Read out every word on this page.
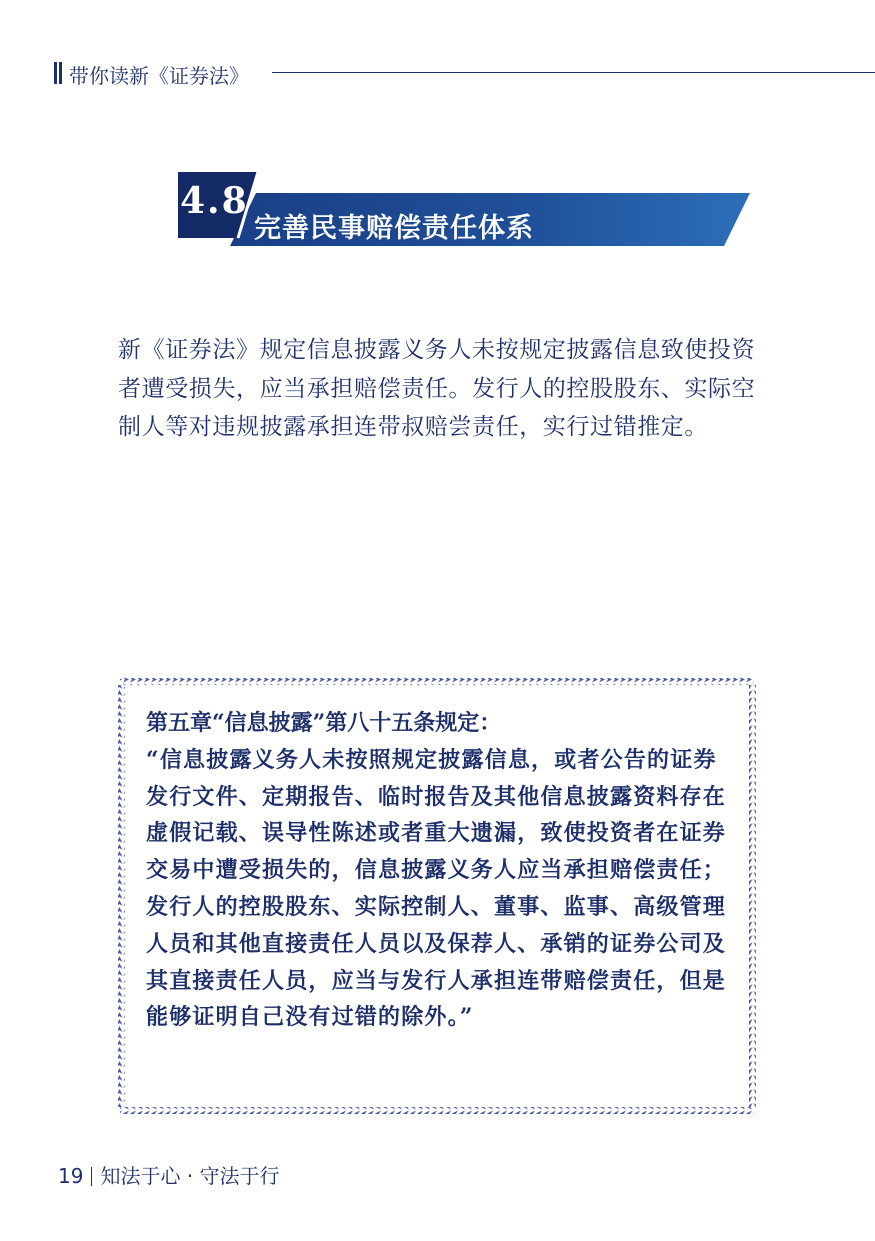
带你读新《证券法》
4.8
完善民事赔偿责任体系
新《证券法》规定信息披露义务人未按规定披露信息致使投资者遭受损失，应当承担赔偿责任。发行人的控股股东、实际空制人等对违规披露承担连带叔赔尝责任，实行过错推定。
第五章“信息披露”第八十五条规定：
“信息披露义务人未按照规定披露信息，或者公告的证券发行文件、定期报告、临时报告及其他信息披露资料存在虚假记载、误导性陈述或者重大遗漏，致使投资者在证券交易中遭受损失的，信息披露义务人应当承担赔偿责任；发行人的控股股东、实际控制人、董事、监事、高级管理人员和其他直接责任人员以及保荐人、承销的证券公司及其直接责任人员，应当与发行人承担连带赔偿责任，但是能够证明自己没有过错的除外。”
19 知法于心 · 守法于行
